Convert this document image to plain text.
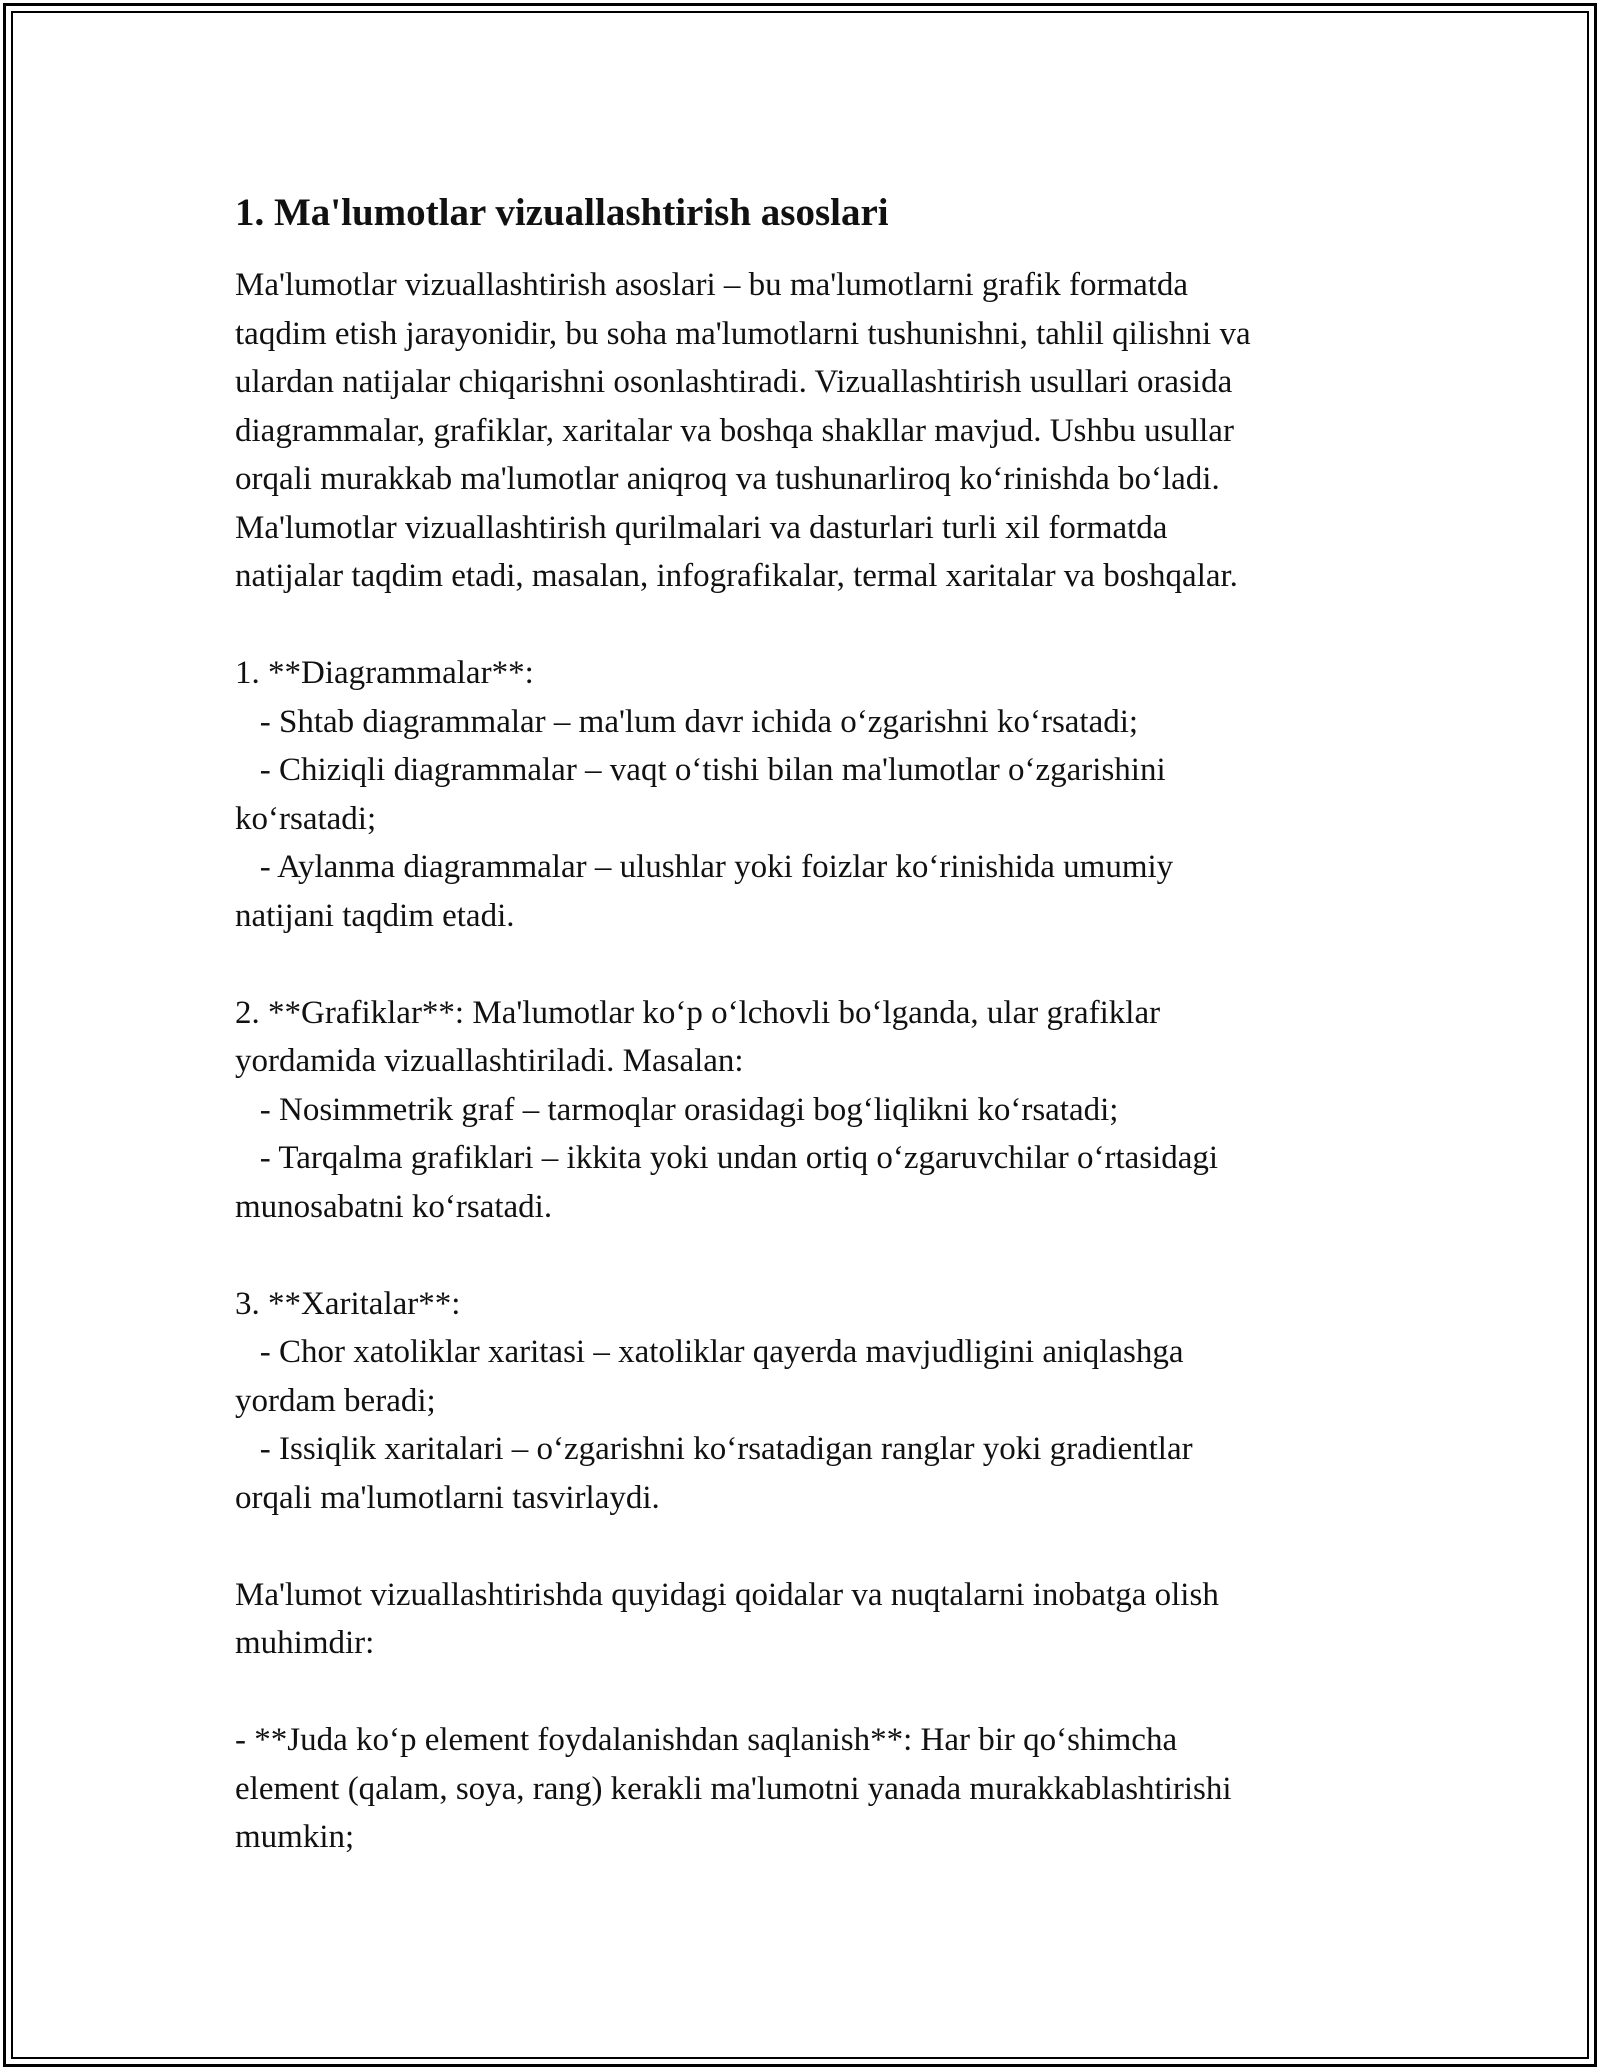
1. Ma'lumotlar vizuallashtirish asoslari
Ma'lumotlar vizuallashtirish asoslari – bu ma'lumotlarni grafik formatda
taqdim etish jarayonidir, bu soha ma'lumotlarni tushunishni, tahlil qilishni va
ulardan natijalar chiqarishni osonlashtiradi. Vizuallashtirish usullari orasida
diagrammalar, grafiklar, xaritalar va boshqa shakllar mavjud. Ushbu usullar
orqali murakkab ma'lumotlar aniqroq va tushunarliroq ko‘rinishda bo‘ladi.
Ma'lumotlar vizuallashtirish qurilmalari va dasturlari turli xil formatda
natijalar taqdim etadi, masalan, infografikalar, termal xaritalar va boshqalar.
1. **Diagrammalar**:
- Shtab diagrammalar – ma'lum davr ichida o‘zgarishni ko‘rsatadi;
- Chiziqli diagrammalar – vaqt o‘tishi bilan ma'lumotlar o‘zgarishini
ko‘rsatadi;
- Aylanma diagrammalar – ulushlar yoki foizlar ko‘rinishida umumiy
natijani taqdim etadi.
2. **Grafiklar**: Ma'lumotlar ko‘p o‘lchovli bo‘lganda, ular grafiklar
yordamida vizuallashtiriladi. Masalan:
- Nosimmetrik graf – tarmoqlar orasidagi bog‘liqlikni ko‘rsatadi;
- Tarqalma grafiklari – ikkita yoki undan ortiq o‘zgaruvchilar o‘rtasidagi
munosabatni ko‘rsatadi.
3. **Xaritalar**:
- Chor xatoliklar xaritasi – xatoliklar qayerda mavjudligini aniqlashga
yordam beradi;
- Issiqlik xaritalari – o‘zgarishni ko‘rsatadigan ranglar yoki gradientlar
orqali ma'lumotlarni tasvirlaydi.
Ma'lumot vizuallashtirishda quyidagi qoidalar va nuqtalarni inobatga olish
muhimdir:
- **Juda ko‘p element foydalanishdan saqlanish**: Har bir qo‘shimcha
element (qalam, soya, rang) kerakli ma'lumotni yanada murakkablashtirishi
mumkin;
